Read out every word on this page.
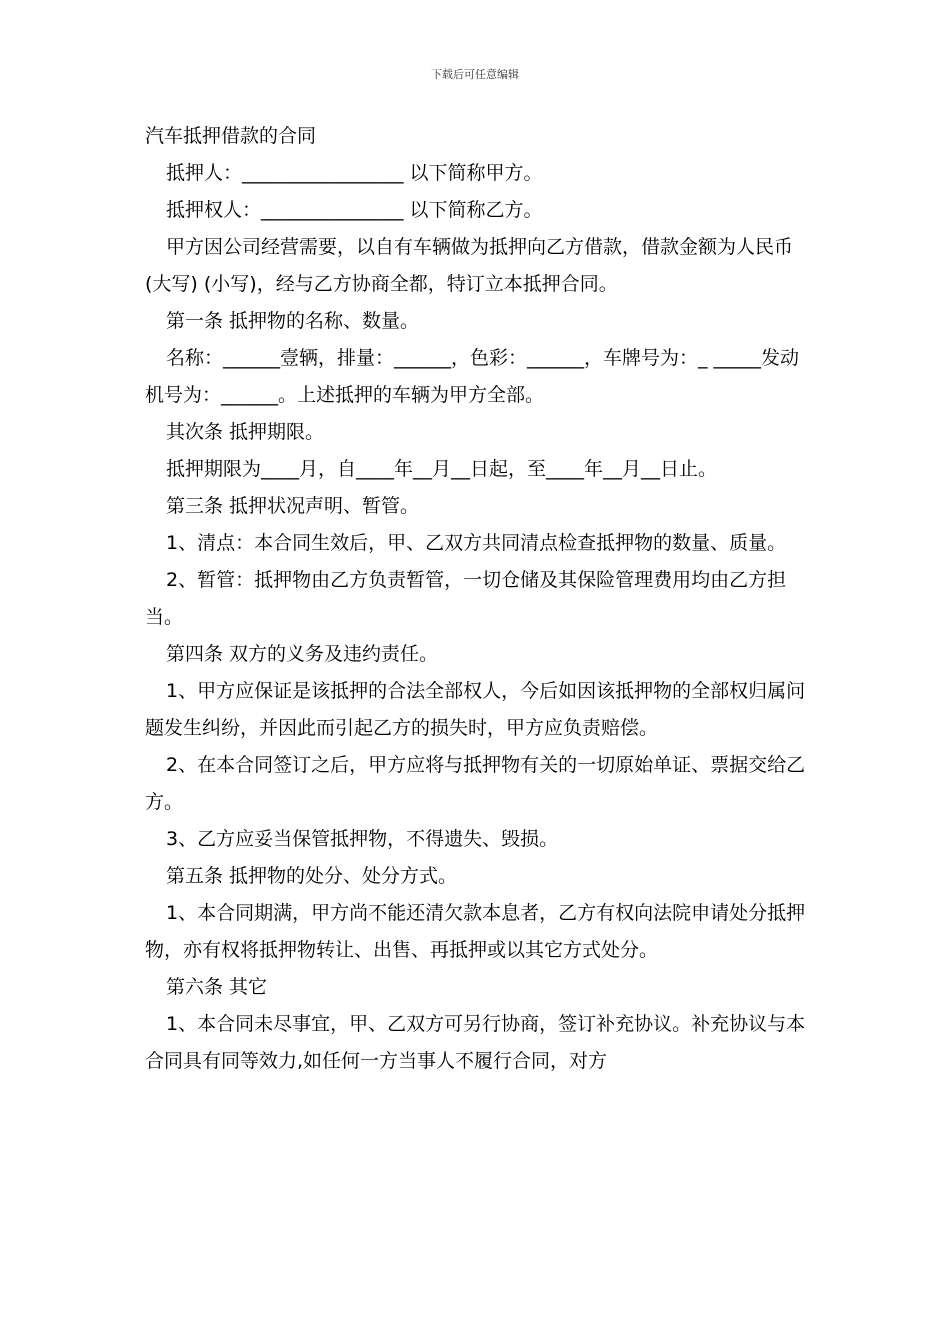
下载后可任意编辑

汽车抵押借款的合同

抵押人：_________________ 以下简称甲方。

抵押权人：_______________ 以下简称乙方。

甲方因公司经营需要，以自有车辆做为抵押向乙方借款，借款金额为人民币 (大写) (小写)，经与乙方协商全都，特订立本抵押合同。

第一条 抵押物的名称、数量。

名称：______壹辆，排量：______，色彩：______，车牌号为：_ _____发动机号为：______。上述抵押的车辆为甲方全部。

其次条 抵押期限。

抵押期限为____月，自____年__月__日起，至____年__月__日止。

第三条 抵押状况声明、暂管。

1、清点：本合同生效后，甲、乙双方共同清点检查抵押物的数量、质量。

2、暂管：抵押物由乙方负责暂管，一切仓储及其保险管理费用均由乙方担当。

第四条 双方的义务及违约责任。

1、甲方应保证是该抵押的合法全部权人，今后如因该抵押物的全部权归属问题发生纠纷，并因此而引起乙方的损失时，甲方应负责赔偿。

2、在本合同签订之后，甲方应将与抵押物有关的一切原始单证、票据交给乙方。

3、乙方应妥当保管抵押物，不得遗失、毁损。

第五条 抵押物的处分、处分方式。

1、本合同期满，甲方尚不能还清欠款本息者，乙方有权向法院申请处分抵押物，亦有权将抵押物转让、出售、再抵押或以其它方式处分。

第六条 其它

1、本合同未尽事宜，甲、乙双方可另行协商，签订补充协议。补充协议与本合同具有同等效力,如任何一方当事人不履行合同，对方
